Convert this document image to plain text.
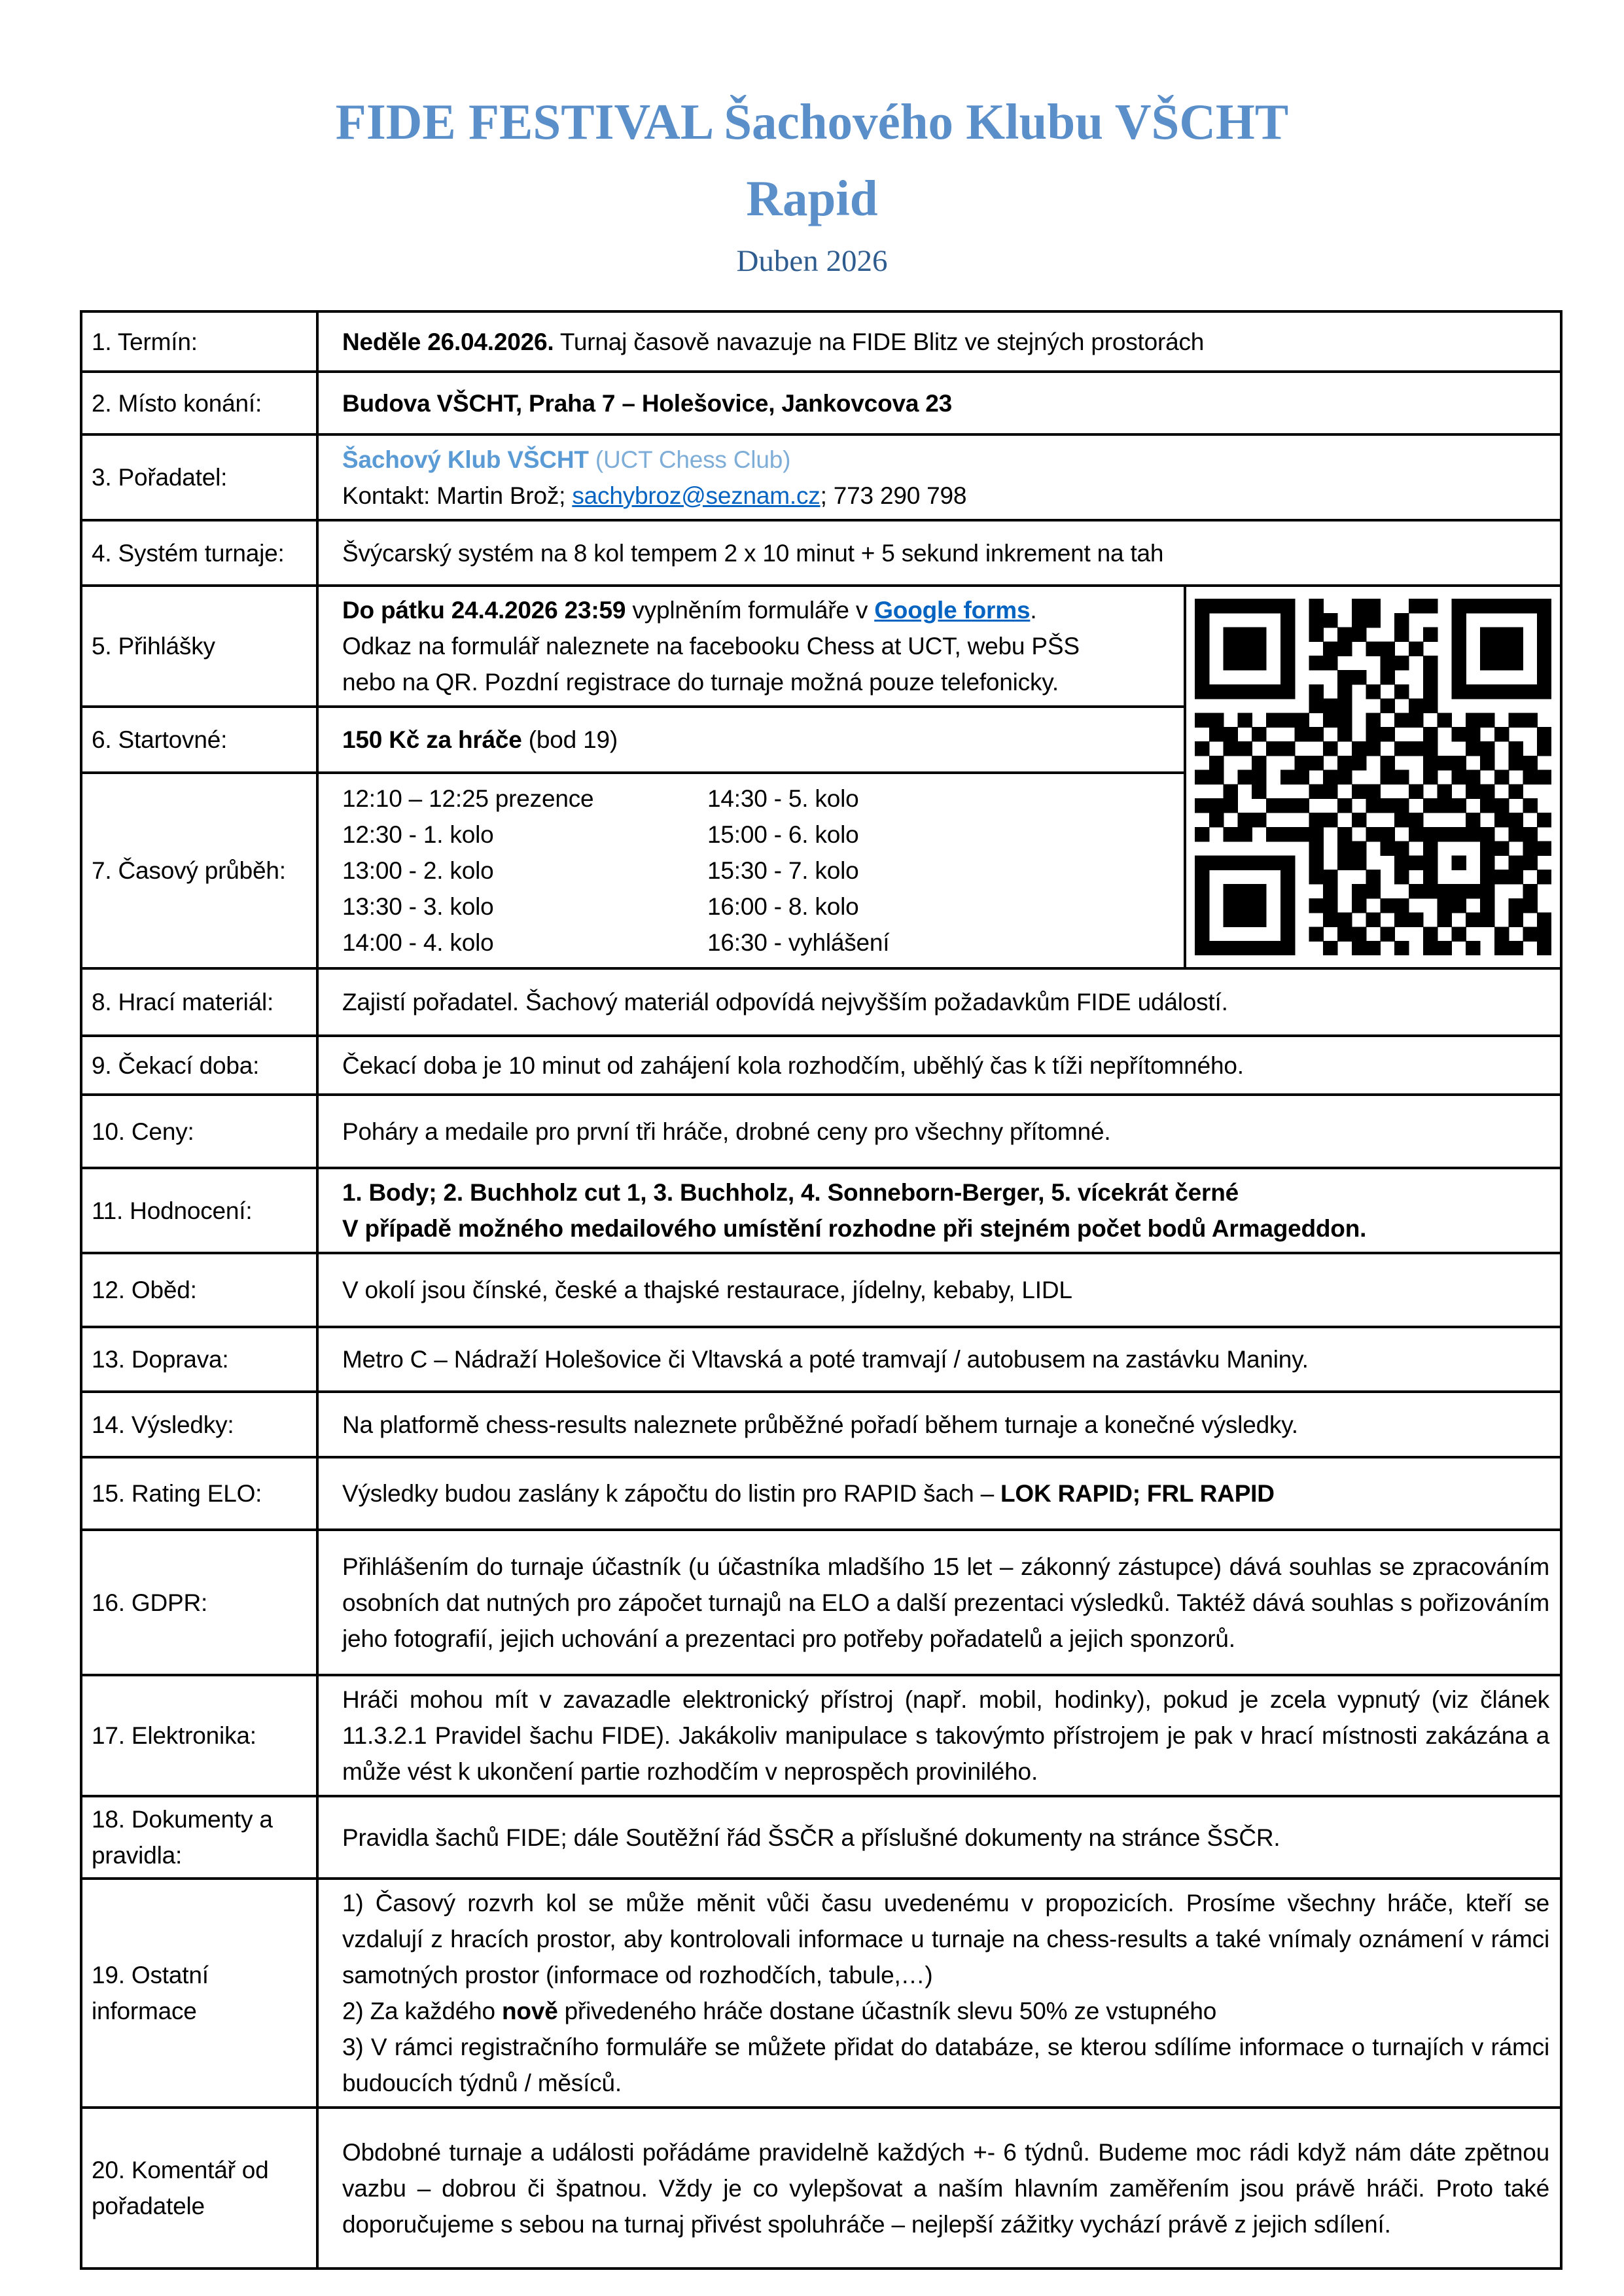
FIDE FESTIVAL Šachového Klubu VŠCHT
Rapid
Duben 2026
1. Termín:	Neděle 26.04.2026. Turnaj časově navazuje na FIDE Blitz ve stejných prostorách	

2. Místo konání:	Budova VŠCHT, Praha 7 – Holešovice, Jankovcova 23	

3. Pořadatel:	Šachový Klub VŠCHT (UCT Chess Club)
Kontakt: Martin Brož; sachybroz@seznam.cz; 773 290 798	

4. Systém turnaje:	Švýcarský systém na 8 kol tempem 2 x 10 minut + 5 sekund inkrement na tah	

5. Přihlášky	Do pátku 24.4.2026 23:59 vyplněním formuláře v Google forms.
Odkaz na formulář naleznete na facebooku Chess at UCT, webu PŠS
nebo na QR. Pozdní registrace do turnaje možná pouze telefonicky.

6. Startovné:	150 Kč za hráče (bod 19)	

7. Časový průběh:	12:10 – 12:25 prezence 14:30 - 5. kolo
12:30 - 1. kolo 15:00 - 6. kolo
13:00 - 2. kolo 15:30 - 7. kolo
13:30 - 3. kolo 16:00 - 8. kolo
14:00 - 4. kolo 16:30 - vyhlášení	

8. Hrací materiál:	Zajistí pořadatel. Šachový materiál odpovídá nejvyšším požadavkům FIDE událostí.	

9. Čekací doba:	Čekací doba je 10 minut od zahájení kola rozhodčím, uběhlý čas k tíži nepřítomného.	

10. Ceny:	Poháry a medaile pro první tři hráče, drobné ceny pro všechny přítomné.	

11. Hodnocení:	1. Body; 2. Buchholz cut 1, 3. Buchholz, 4. Sonneborn-Berger, 5. vícekrát černé
V případě možného medailového umístění rozhodne při stejném počet bodů Armageddon.	

12. Oběd:	V okolí jsou čínské, české a thajské restaurace, jídelny, kebaby, LIDL	

13. Doprava:	Metro C – Nádraží Holešovice či Vltavská a poté tramvají / autobusem na zastávku Maniny.	

14. Výsledky:	Na platformě chess-results naleznete průběžné pořadí během turnaje a konečné výsledky.	

15. Rating ELO:	Výsledky budou zaslány k zápočtu do listin pro RAPID šach – LOK RAPID; FRL RAPID	

16. GDPR:	Přihlášením do turnaje účastník (u účastníka mladšího 15 let – zákonný zástupce) dává souhlas se zpracováním osobních dat nutných pro zápočet turnajů na ELO a další prezentaci výsledků. Taktéž dává souhlas s pořizováním jeho fotografií, jejich uchování a prezentaci pro potřeby pořadatelů a jejich sponzorů.	

17. Elektronika:	Hráči mohou mít v zavazadle elektronický přístroj (např. mobil, hodinky), pokud je zcela vypnutý (viz článek 11.3.2.1 Pravidel šachu FIDE). Jakákoliv manipulace s takovýmto přístrojem je pak v hrací místnosti zakázána a může vést k ukončení partie rozhodčím v neprospěch provinilého.	

18. Dokumenty a pravidla:	Pravidla šachů FIDE; dále Soutěžní řád ŠSČR a příslušné dokumenty na stránce ŠSČR.	

19. Ostatní informace	1) Časový rozvrh kol se může měnit vůči času uvedenému v propozicích. Prosíme všechny hráče, kteří se vzdalují z hracích prostor, aby kontrolovali informace u turnaje na chess-results a také vnímaly oznámení v rámci samotných prostor (informace od rozhodčích, tabule,…)
2) Za každého nově přivedeného hráče dostane účastník slevu 50% ze vstupného
3) V rámci registračního formuláře se můžete přidat do databáze, se kterou sdílíme informace o turnajích v rámci budoucích týdnů / měsíců.	

20. Komentář od pořadatele	Obdobné turnaje a události pořádáme pravidelně každých +- 6 týdnů. Budeme moc rádi když nám dáte zpětnou vazbu – dobrou či špatnou. Vždy je co vylepšovat a naším hlavním zaměřením jsou právě hráči. Proto také doporučujeme s sebou na turnaj přivést spoluhráče – nejlepší zážitky vychází právě z jejich sdílení.	
